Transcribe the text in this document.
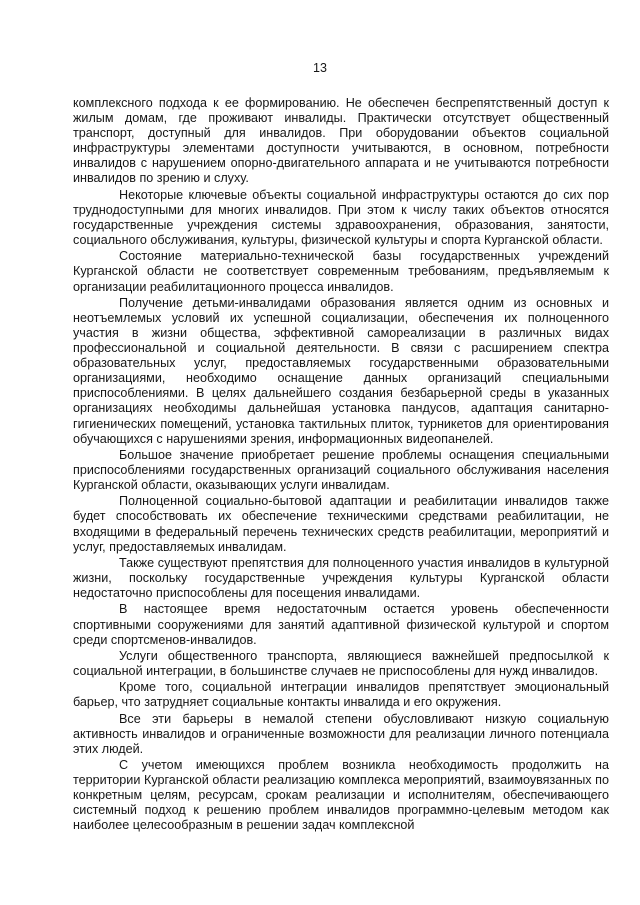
13

комплексного подхода к ее формированию. Не обеспечен беспрепятственный доступ к жилым домам, где проживают инвалиды. Практически отсутствует общественный транспорт, доступный для инвалидов. При оборудовании объектов социальной инфраструктуры элементами доступности учитываются, в основном, потребности инвалидов с нарушением опорно-двигательного аппарата и не учитываются потребности инвалидов по зрению и слуху.

Некоторые ключевые объекты социальной инфраструктуры остаются до сих пор труднодоступными для многих инвалидов. При этом к числу таких объектов относятся государственные учреждения системы здравоохранения, образования, занятости, социального обслуживания, культуры, физической культуры и спорта Курганской области.

Состояние материально-технической базы государственных учреждений Курганской области не соответствует современным требованиям, предъявляемым к организации реабилитационного процесса инвалидов.

Получение детьми-инвалидами образования является одним из основных и неотъемлемых условий их успешной социализации, обеспечения их полноценного участия в жизни общества, эффективной самореализации в различных видах профессиональной и социальной деятельности. В связи с расширением спектра образовательных услуг, предоставляемых государственными образовательными организациями, необходимо оснащение данных организаций специальными приспособлениями. В целях дальнейшего создания безбарьерной среды в указанных организациях необходимы дальнейшая установка пандусов, адаптация санитарно-гигиенических помещений, установка тактильных плиток, турникетов для ориентирования обучающихся с нарушениями зрения, информационных видеопанелей.

Большое значение приобретает решение проблемы оснащения специальными приспособлениями государственных организаций социального обслуживания населения Курганской области, оказывающих услуги инвалидам.

Полноценной социально-бытовой адаптации и реабилитации инвалидов также будет способствовать их обеспечение техническими средствами реабилитации, не входящими в федеральный перечень технических средств реабилитации, мероприятий и услуг, предоставляемых инвалидам.

Также существуют препятствия для полноценного участия инвалидов в культурной жизни, поскольку государственные учреждения культуры Курганской области недостаточно приспособлены для посещения инвалидами.

В настоящее время недостаточным остается уровень обеспеченности спортивными сооружениями для занятий адаптивной физической культурой и спортом среди спортсменов-инвалидов.

Услуги общественного транспорта, являющиеся важнейшей предпосылкой к социальной интеграции, в большинстве случаев не приспособлены для нужд инвалидов.

Кроме того, социальной интеграции инвалидов препятствует эмоциональный барьер, что затрудняет социальные контакты инвалида и его окружения.

Все эти барьеры в немалой степени обусловливают низкую социальную активность инвалидов и ограниченные возможности для реализации личного потенциала этих людей.

С учетом имеющихся проблем возникла необходимость продолжить на территории Курганской области реализацию комплекса мероприятий, взаимоувязанных по конкретным целям, ресурсам, срокам реализации и исполнителям, обеспечивающего системный подход к решению проблем инвалидов программно-целевым методом как наиболее целесообразным в решении задач комплексной
